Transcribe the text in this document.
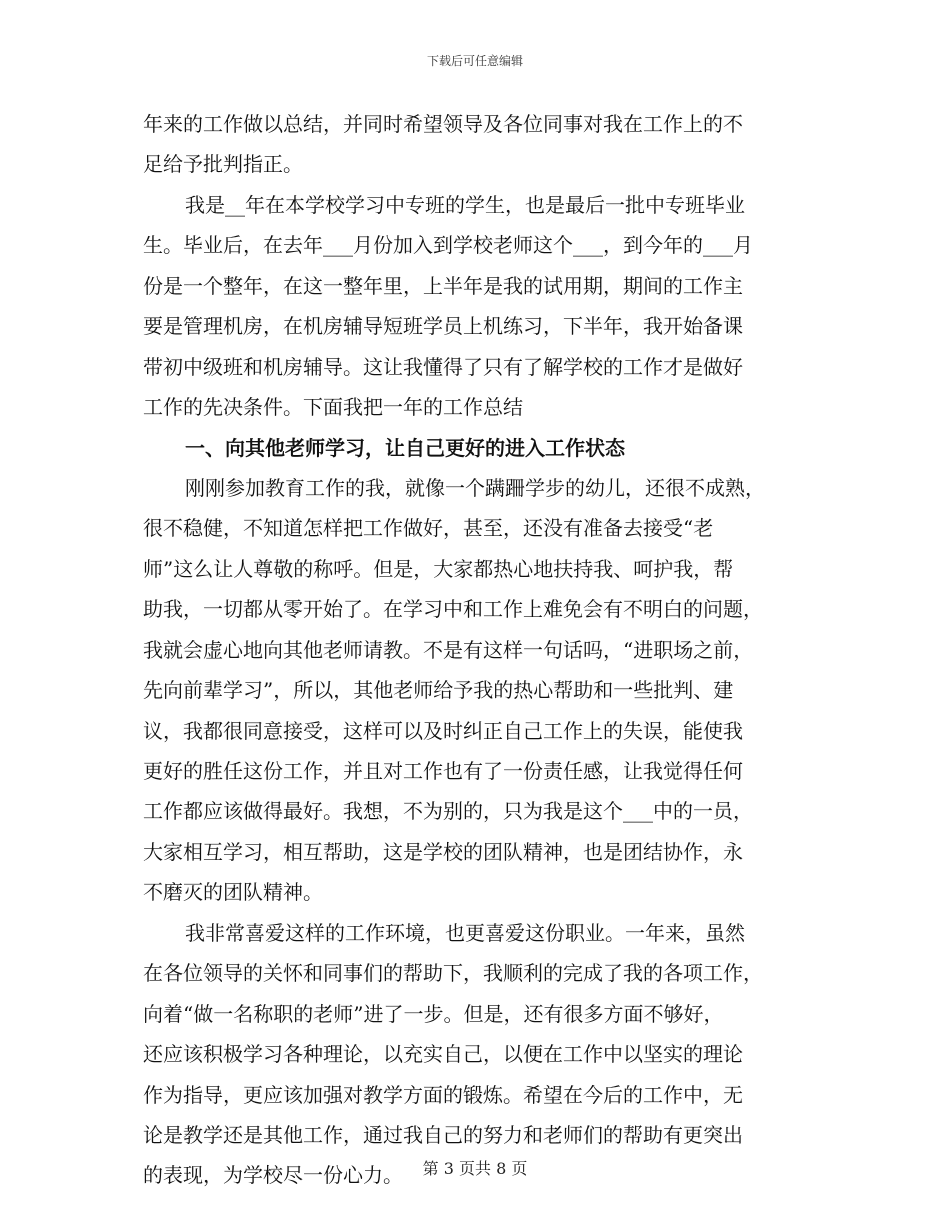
下载后可任意编辑
年来的工作做以总结，并同时希望领导及各位同事对我在工作上的不
足给予批判指正。
我是__年在本学校学习中专班的学生，也是最后一批中专班毕业
生。毕业后，在去年___月份加入到学校老师这个___，到今年的___月
份是一个整年，在这一整年里，上半年是我的试用期，期间的工作主
要是管理机房，在机房辅导短班学员上机练习，下半年，我开始备课
带初中级班和机房辅导。这让我懂得了只有了解学校的工作才是做好
工作的先决条件。下面我把一年的工作总结
一、向其他老师学习，让自己更好的进入工作状态
刚刚参加教育工作的我，就像一个蹒跚学步的幼儿，还很不成熟，
很不稳健，不知道怎样把工作做好，甚至，还没有准备去接受“老
师”这么让人尊敬的称呼。但是，大家都热心地扶持我、呵护我，帮
助我，一切都从零开始了。在学习中和工作上难免会有不明白的问题，
我就会虚心地向其他老师请教。不是有这样一句话吗，“进职场之前，
先向前辈学习”，所以，其他老师给予我的热心帮助和一些批判、建
议，我都很同意接受，这样可以及时纠正自己工作上的失误，能使我
更好的胜任这份工作，并且对工作也有了一份责任感，让我觉得任何
工作都应该做得最好。我想，不为别的，只为我是这个___中的一员，
大家相互学习，相互帮助，这是学校的团队精神，也是团结协作，永
不磨灭的团队精神。
我非常喜爱这样的工作环境，也更喜爱这份职业。一年来，虽然
在各位领导的关怀和同事们的帮助下，我顺利的完成了我的各项工作，
向着“做一名称职的老师”进了一步。但是，还有很多方面不够好，
还应该积极学习各种理论，以充实自己，以便在工作中以坚实的理论
作为指导，更应该加强对教学方面的锻炼。希望在今后的工作中，无
论是教学还是其他工作，通过我自己的努力和老师们的帮助有更突出
的表现，为学校尽一份心力。	第 3 页共 8 页
